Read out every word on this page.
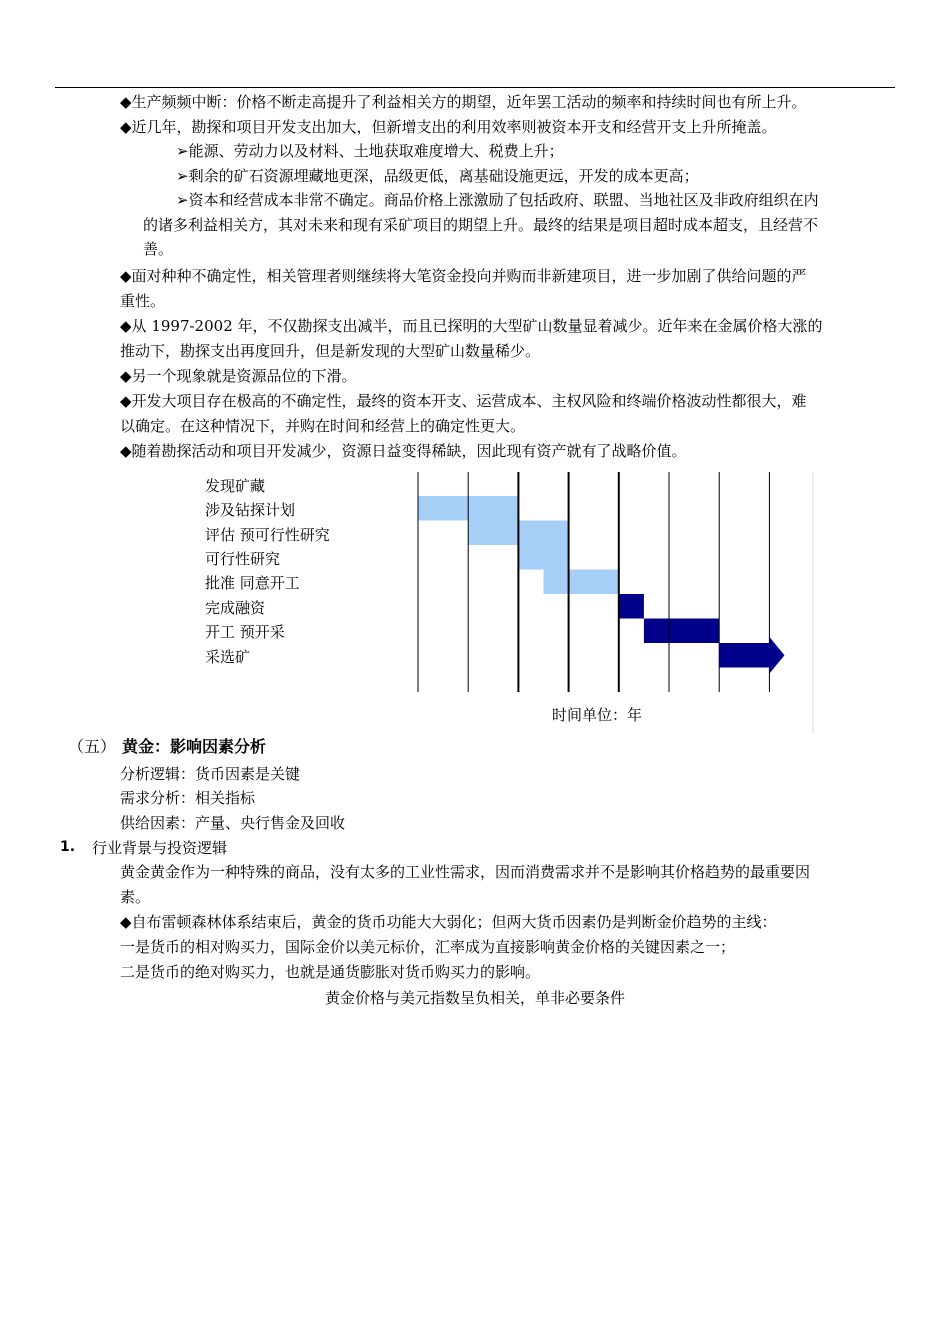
◆生产频频中断：价格不断走高提升了利益相关方的期望，近年罢工活动的频率和持续时间也有所上升。
◆近几年，勘探和项目开发支出加大，但新增支出的利用效率则被资本开支和经营开支上升所掩盖。
➢能源、劳动力以及材料、土地获取难度增大、税费上升；
➢剩余的矿石资源埋藏地更深，品级更低，离基础设施更远，开发的成本更高；
➢资本和经营成本非常不确定。商品价格上涨激励了包括政府、联盟、当地社区及非政府组织在内
的诸多利益相关方，其对未来和现有采矿项目的期望上升。最终的结果是项目超时成本超支，且经营不
善。
◆面对种种不确定性，相关管理者则继续将大笔资金投向并购而非新建项目，进一步加剧了供给问题的严
重性。
◆从 1997-2002 年，不仅勘探支出减半，而且已探明的大型矿山数量显着减少。近年来在金属价格大涨的
推动下，勘探支出再度回升，但是新发现的大型矿山数量稀少。
◆另一个现象就是资源品位的下滑。
◆开发大项目存在极高的不确定性，最终的资本开支、运营成本、主权风险和终端价格波动性都很大，难
以确定。在这种情况下，并购在时间和经营上的确定性更大。
◆随着勘探活动和项目开发减少，资源日益变得稀缺，因此现有资产就有了战略价值。
发现矿藏
涉及钻探计划
评估 预可行性研究
可行性研究
批准 同意开工
完成融资
开工 预开采
采选矿
时间单位：年
（五） 黄金：影响因素分析
分析逻辑：货币因素是关键
需求分析：相关指标
供给因素：产量、央行售金及回收
1. 行业背景与投资逻辑
黄金黄金作为一种特殊的商品，没有太多的工业性需求，因而消费需求并不是影响其价格趋势的最重要因
素。
◆自布雷顿森林体系结束后，黄金的货币功能大大弱化；但两大货币因素仍是判断金价趋势的主线：
一是货币的相对购买力，国际金价以美元标价，汇率成为直接影响黄金价格的关键因素之一；
二是货币的绝对购买力，也就是通货膨胀对货币购买力的影响。
黄金价格与美元指数呈负相关，单非必要条件
